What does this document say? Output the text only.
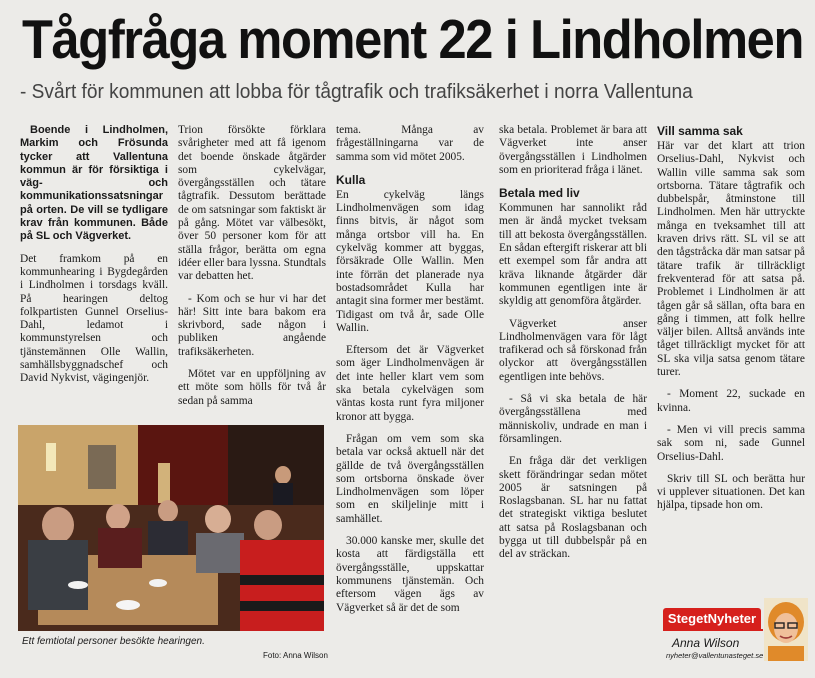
Tågfråga moment 22 i Lindholmen

- Svårt för kommunen att lobba för tågtrafik och trafiksäkerhet i norra Vallentuna

Boende i Lindholmen, Markim och Frösunda tycker att Vallentuna kommun är för försiktiga i väg- och kommunikationssatsningar på orten. De vill se tydligare krav från kommunen. Både på SL och Vägverket.

Det framkom på en kommunhearing i Bygdegården i Lindholmen i torsdags kväll. På hearingen deltog folkpartisten Gunnel Orselius-Dahl, ledamot i kommunstyrelsen och tjänstemännen Olle Wallin, samhällsbyggnadschef och David Nykvist, vägingenjör.

Trion försökte förklara svårigheter med att få igenom det boende önskade åtgärder som cykelvägar, övergångsställen och tätare tågtrafik. Dessutom berättade de om satsningar som faktiskt är på gång. Mötet var välbesökt, över 50 personer kom för att ställa frågor, berätta om egna idéer eller bara lyssna. Stundtals var debatten het.

- Kom och se hur vi har det här! Sitt inte bara bakom era skrivbord, sade någon i publiken angående trafiksäkerheten.

Mötet var en uppföljning av ett möte som hölls för två år sedan på samma

tema. Många av frågeställningarna var de samma som vid mötet 2005.

Kulla

En cykelväg längs Lindholmenvägen som idag finns bitvis, är något som många ortsbor vill ha. En cykelväg kommer att byggas, försäkrade Olle Wallin. Men inte förrän det planerade nya bostadsområdet Kulla har antagit sina former mer bestämt. Tidigast om två år, sade Olle Wallin.

Eftersom det är Vägverket som äger Lindholmenvägen är det inte heller klart vem som ska betala cykelvägen som väntas kosta runt fyra miljoner kronor att bygga.

Frågan om vem som ska betala var också aktuell när det gällde de två övergångsställen som ortsborna önskade över Lindholmenvägen som löper som en skiljelinje mitt i samhället.

30.000 kanske mer, skulle det kosta att färdigställa ett övergångsställe, uppskattar kommunens tjänstemän. Och eftersom vägen ägs av Vägverket så är det de som

ska betala. Problemet är bara att Vägverket inte anser övergångsställen i Lindholmen som en prioriterad fråga i länet.

Betala med liv

Kommunen har sannolikt råd men är ändå mycket tveksam till att bekosta övergångsställen. En sådan eftergift riskerar att bli ett exempel som får andra att kräva liknande åtgärder där kommunen egentligen inte är skyldig att genomföra åtgärder.

Vägverket anser Lindholmenvägen vara för lågt trafikerad och så förskonad från olyckor att övergångsställen egentligen inte behövs.

- Så vi ska betala de här övergångsställena med människoliv, undrade en man i församlingen.

En fråga där det verkligen skett förändringar sedan mötet 2005 är satsningen på Roslagsbanan. SL har nu fattat det strategiskt viktiga beslutet att satsa på Roslagsbanan och bygga ut till dubbelspår på en del av sträckan.

Vill samma sak

Här var det klart att trion Orselius-Dahl, Nykvist och Wallin ville samma sak som ortsborna. Tätare tågtrafik och dubbelspår, åtminstone till Lindholmen. Men här uttryckte många en tveksamhet till att kraven drivs rätt. SL vil se att den tågstråcka där man satsar på tätare trafik är tillräckligt frekventerad för att satsa på. Problemet i Lindholmen är att tågen går så sällan, ofta bara en gång i timmen, att folk hellre väljer bilen. Alltså används inte tåget tillräckligt mycket för att SL ska vilja satsa genom tätare turer.

- Moment 22, suckade en kvinna.

- Men vi vill precis samma sak som ni, sade Gunnel Orselius-Dahl.

Skriv till SL och berätta hur vi upplever situationen. Det kan hjälpa, tipsade hon om.

Ett femtiotal personer besökte hearingen.

Foto: Anna Wilson

StegetNyheter
Anna Wilson
nyheter@vallentunasteget.se
